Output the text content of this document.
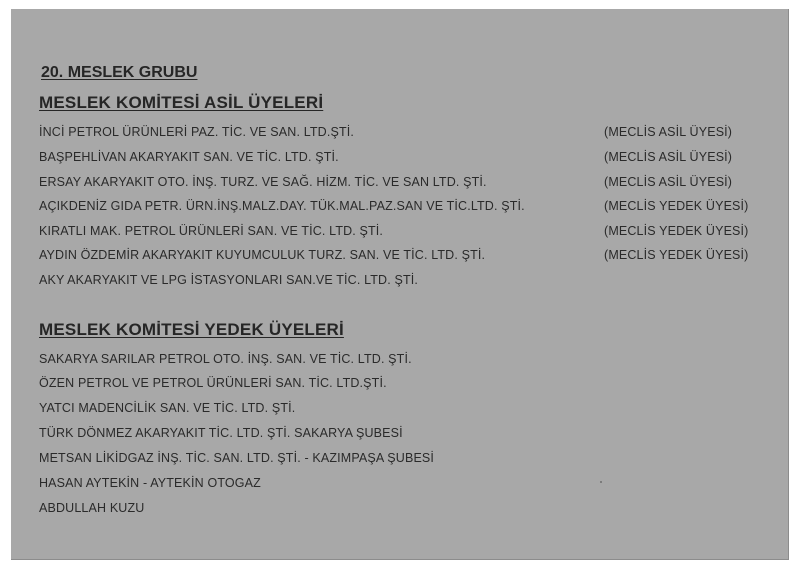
20. MESLEK GRUBU
MESLEK KOMİTESİ ASİL ÜYELERİ
İNCİ PETROL ÜRÜNLERİ PAZ. TİC. VE SAN. LTD.ŞTİ.	(MECLİS ASİL ÜYESİ)
BAŞPEHLİVAN AKARYAKIT SAN. VE TİC. LTD. ŞTİ.	(MECLİS ASİL ÜYESİ)
ERSAY AKARYAKIT OTO. İNŞ. TURZ. VE SAĞ. HİZM. TİC. VE SAN LTD. ŞTİ.	(MECLİS ASİL ÜYESİ)
AÇIKDENİZ GIDA PETR. ÜRN.İNŞ.MALZ.DAY. TÜK.MAL.PAZ.SAN VE TİC.LTD. ŞTİ.	(MECLİS YEDEK ÜYESİ)
KIRATLI MAK. PETROL ÜRÜNLERİ SAN. VE TİC. LTD. ŞTİ.	(MECLİS YEDEK ÜYESİ)
AYDIN ÖZDEMİR AKARYAKIT KUYUMCULUK TURZ. SAN. VE TİC. LTD. ŞTİ.	(MECLİS YEDEK ÜYESİ)
AKY AKARYAKIT VE LPG İSTASYONLARI SAN.VE TİC. LTD. ŞTİ.
MESLEK KOMİTESİ YEDEK ÜYELERİ
SAKARYA SARILAR PETROL OTO. İNŞ. SAN. VE TİC. LTD. ŞTİ.
ÖZEN PETROL VE PETROL ÜRÜNLERİ SAN. TİC. LTD.ŞTİ.
YATCI MADENCİLİK SAN. VE TİC. LTD. ŞTİ.
TÜRK DÖNMEZ AKARYAKIT TİC. LTD. ŞTİ. SAKARYA ŞUBESİ
METSAN LİKİDGAZ İNŞ. TİC. SAN. LTD. ŞTİ. - KAZIMPAŞA ŞUBESİ
HASAN AYTEKİN - AYTEKİN OTOGAZ
ABDULLAH KUZU
